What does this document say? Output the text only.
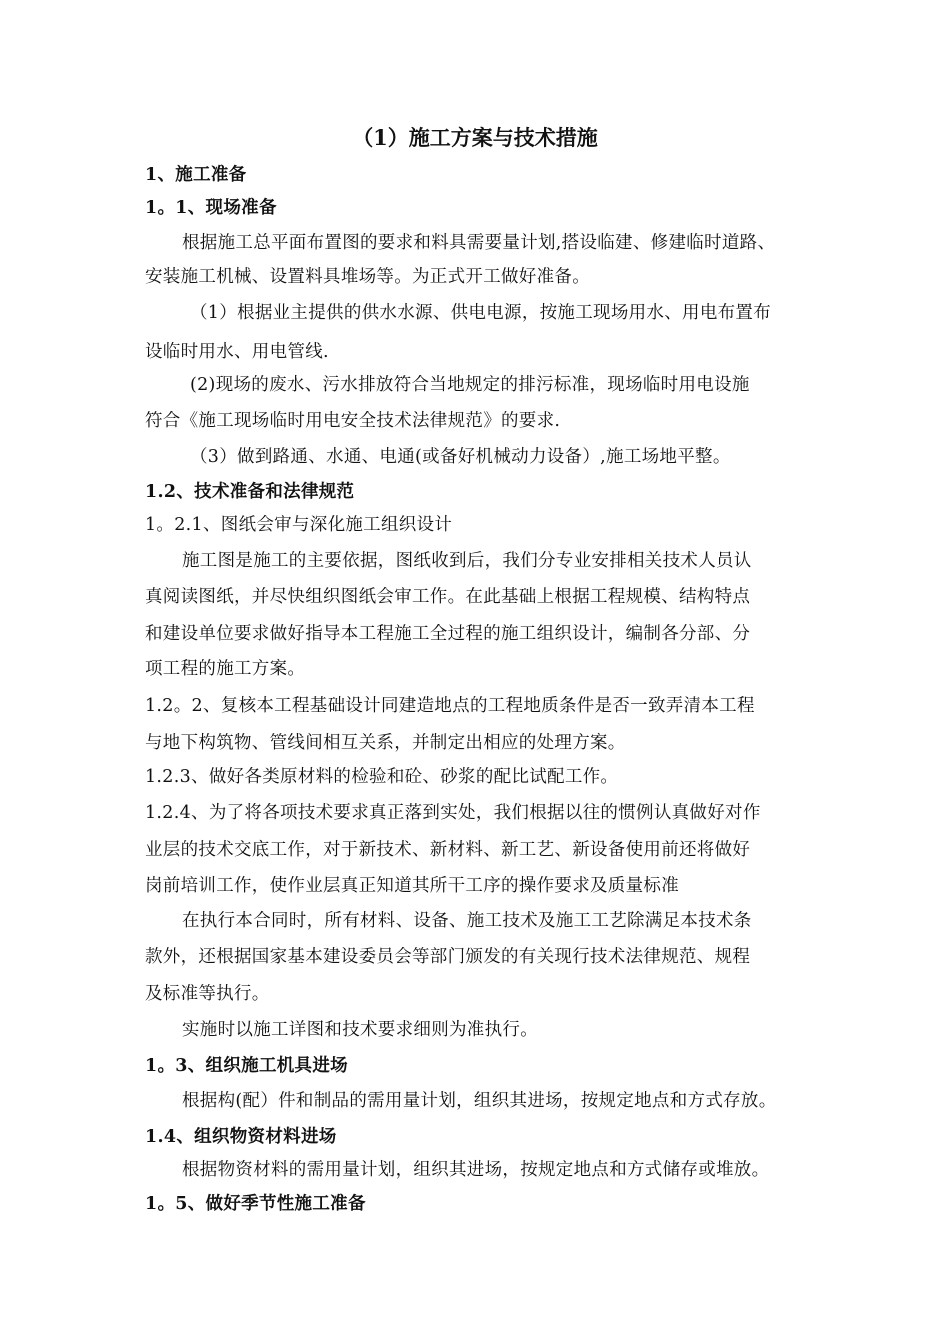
（1）施工方案与技术措施
1、施工准备
1。1、现场准备
根据施工总平面布置图的要求和料具需要量计划,搭设临建、修建临时道路、
安装施工机械、设置料具堆场等。为正式开工做好准备。
（1）根据业主提供的供水水源、供电电源，按施工现场用水、用电布置布
设临时用水、用电管线.
(2)现场的废水、污水排放符合当地规定的排污标准，现场临时用电设施
符合《施工现场临时用电安全技术法律规范》的要求.
（3）做到路通、水通、电通(或备好机械动力设备）,施工场地平整。
1.2、技术准备和法律规范
1。2.1、图纸会审与深化施工组织设计
施工图是施工的主要依据，图纸收到后，我们分专业安排相关技术人员认
真阅读图纸，并尽快组织图纸会审工作。在此基础上根据工程规模、结构特点
和建设单位要求做好指导本工程施工全过程的施工组织设计，编制各分部、分
项工程的施工方案。
1.2。2、复核本工程基础设计同建造地点的工程地质条件是否一致弄清本工程
与地下构筑物、管线间相互关系，并制定出相应的处理方案。
1.2.3、做好各类原材料的检验和砼、砂浆的配比试配工作。
1.2.4、为了将各项技术要求真正落到实处，我们根据以往的惯例认真做好对作
业层的技术交底工作，对于新技术、新材料、新工艺、新设备使用前还将做好
岗前培训工作，使作业层真正知道其所干工序的操作要求及质量标准
在执行本合同时，所有材料、设备、施工技术及施工工艺除满足本技术条
款外，还根据国家基本建设委员会等部门颁发的有关现行技术法律规范、规程
及标准等执行。
实施时以施工详图和技术要求细则为准执行。
1。3、组织施工机具进场
根据构(配）件和制品的需用量计划，组织其进场，按规定地点和方式存放。
1.4、组织物资材料进场
根据物资材料的需用量计划，组织其进场，按规定地点和方式储存或堆放。
1。5、做好季节性施工准备
